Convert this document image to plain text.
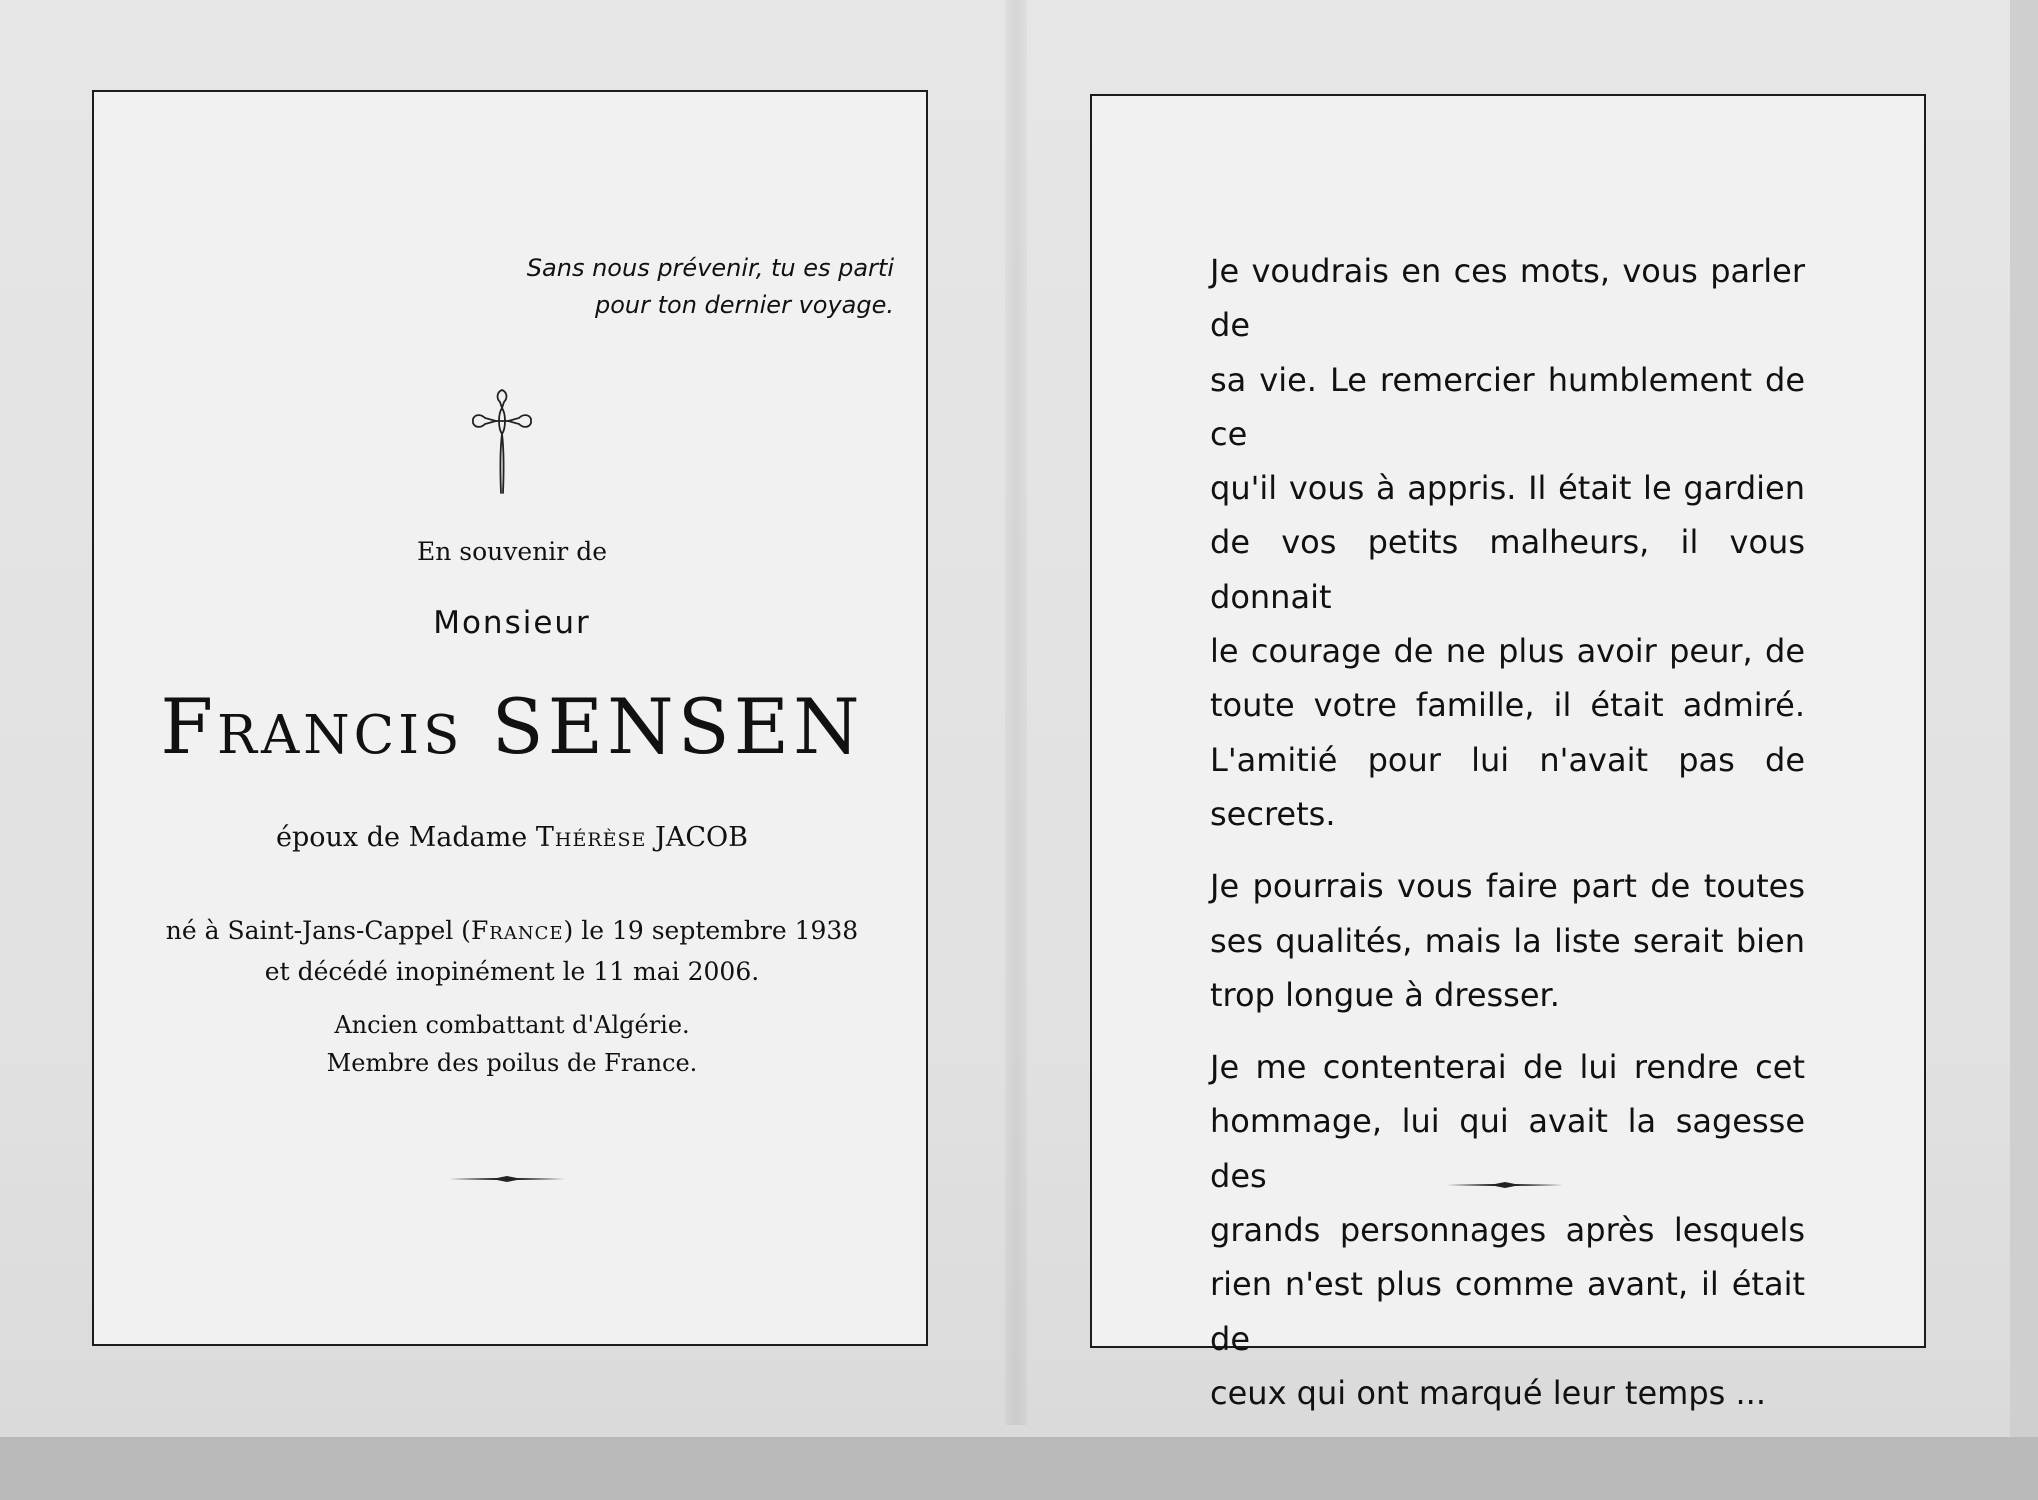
Sans nous prévenir, tu es parti
pour ton dernier voyage.
En souvenir de
Monsieur
Francis SENSEN
époux de Madame Thérèse JACOB
né à Saint-Jans-Cappel (France) le 19 septembre 1938
et décédé inopinément le 11 mai 2006.
Ancien combattant d'Algérie.
Membre des poilus de France.

Je voudrais en ces mots, vous parler de
sa vie. Le remercier humblement de ce
qu'il vous à appris. Il était le gardien
de vos petits malheurs, il vous donnait
le courage de ne plus avoir peur, de
toute votre famille, il était admiré.
L'amitié pour lui n'avait pas de secrets.

Je pourrais vous faire part de toutes
ses qualités, mais la liste serait bien
trop longue à dresser.

Je me contenterai de lui rendre cet
hommage, lui qui avait la sagesse des
grands personnages après lesquels
rien n'est plus comme avant, il était de
ceux qui ont marqué leur temps ...
